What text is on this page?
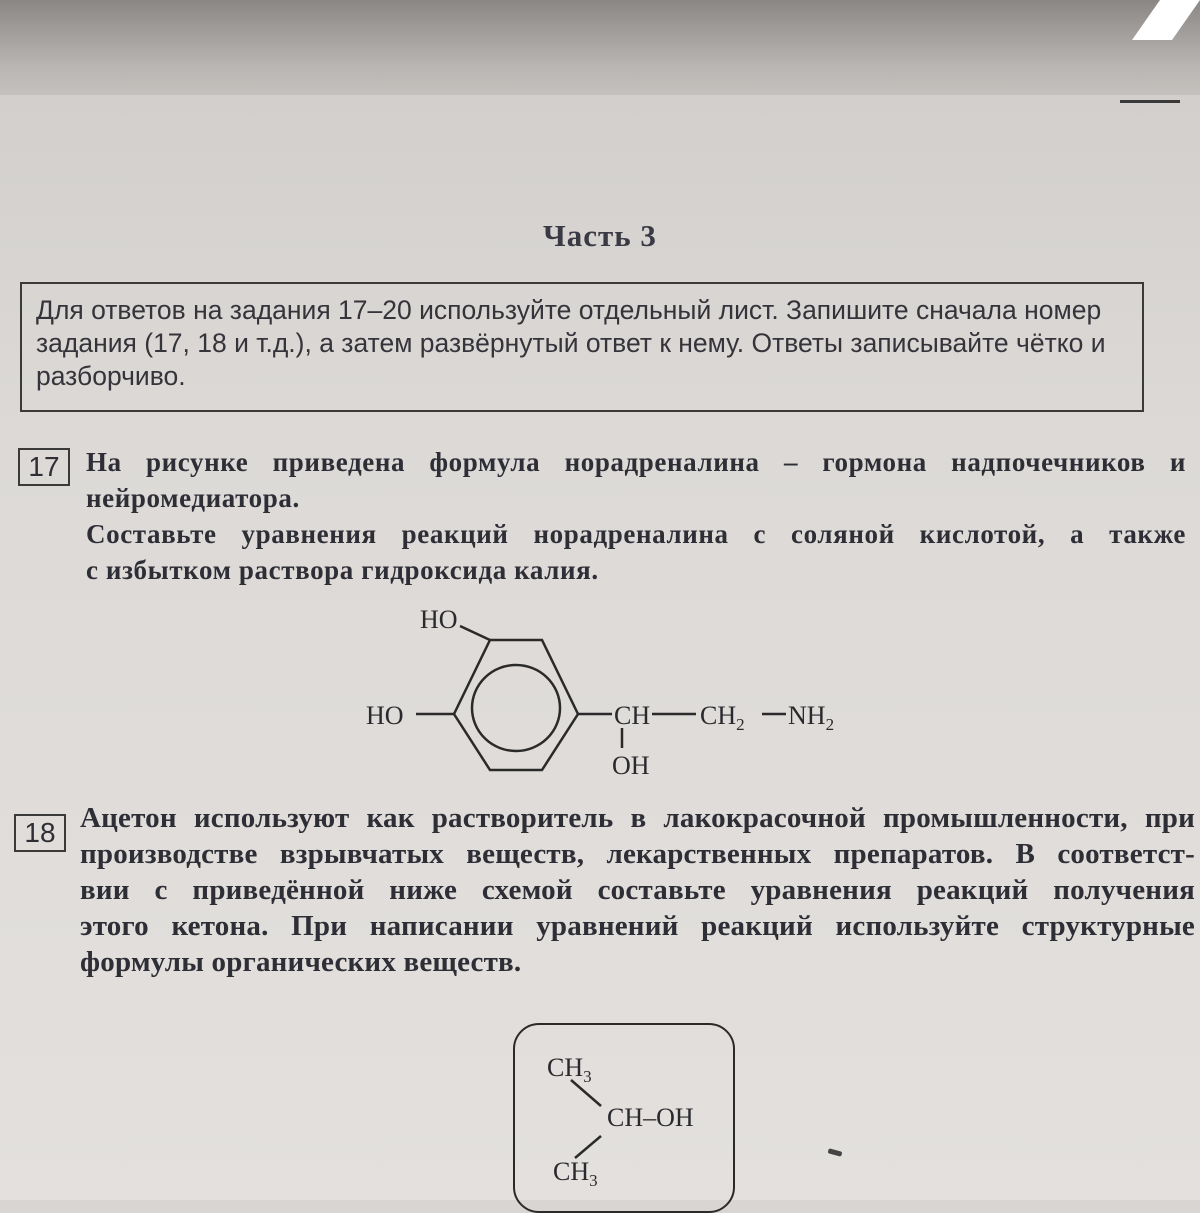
Часть 3
Для ответов на задания 17–20 используйте отдельный лист. Запишите сначала номер
задания (17, 18 и т.д.), а затем развёрнутый ответ к нему. Ответы записывайте чётко и
разборчиво.
17 На рисунке приведена формула норадреналина – гормона надпочечников и
нейромедиатора.
Составьте уравнения реакций норадреналина с соляной кислотой, а также
с избытком раствора гидроксида калия.
HO
HO	CH $CH_2$ $NH_2$
OH
18 Ацетон используют как растворитель в лакокрасочной промышленности, при
производстве взрывчатых веществ, лекарственных препаратов. В соответст-
вии с приведённой ниже схемой составьте уравнения реакций получения
этого кетона. При написании уравнений реакций используйте структурные
формулы органических веществ.
$CH_3$
CH–OH
$CH_3$
